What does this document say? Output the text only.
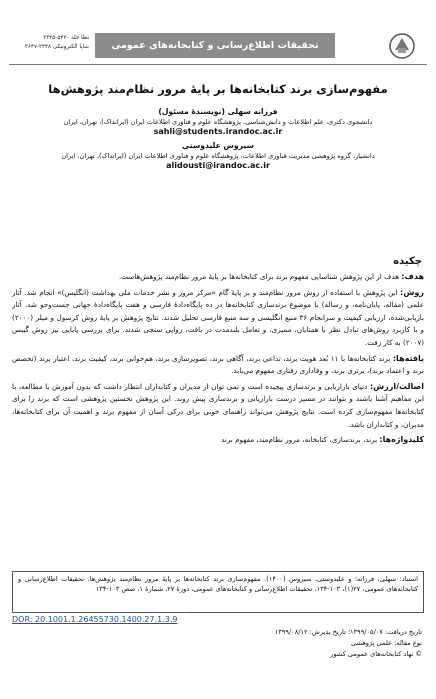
نظا جلد ۵۴۳۰-۳۳۲۵
شاپا الکترونیکی ۲۳۴۸-۳۶۴۷	تحقیقات اطلاع‌رسانی و کتابخانه‌های عمومی
مفهوم‌سازی برند کتابخانه‌ها بر پایهٔ مرور نظام‌مند پژوهش‌ها
فرزانه سهلی (نویسندهٔ مسئول)
دانشجوی دکتری، علم اطلاعات و دانش‌شناسی، پژوهشگاه علوم و فناوری اطلاعات ایران (ایرانداک)، تهران، ایران
sahli@students.irandoc.ac.ir
سیروس علیدوستی
دانشیار، گروه پژوهشی مدیریت فناوری اطلاعات، پژوهشگاه علوم و فناوری اطلاعات ایران (ایرانداک)، تهران، ایران
alidousti@irandoc.ac.ir
چکیده

هدف: هدف از این پژوهش شناسایی مفهوم برند برای کتابخانه‌ها بر پایهٔ مرور نظام‌مند پژوهش‌هاست.

روش: این پژوهش با استفاده از روش مرور نظام‌مند و بر پایهٔ گام «مرکز مرور و نشر خدمات ملی بهداشت (انگلیس)» انجام شد. آثار علمی (مقاله، پایان‌نامه، و رساله) با موضوع برندسازی کتابخانه‌ها در ده پایگاه‌دادهٔ فارسی و هفت پایگاه‌دادهٔ جهانی جست‌وجو شد. آثار بازیابی‌شده، ارزیابی کیفیت و سرانجام ۳۶ منبع انگلیسی و سه منبع فارسی تحلیل شدند. نتایج پژوهش بر پایهٔ روش کرسول و میلر (۲۰۰۰) و با کاربرد روش‌های تبادل نظر با همتایان، ممیزی، و تعامل بلندمدت در بافت، روایی سنجی شدند. برای بررسی پایایی نیز روش گیبس (۲۰۰۷) به کار رفت.

یافته‌ها: برند کتابخانه‌ها با ۱۱ بُعد هویت برند، تداعی برند، آگاهی برند، تصویرسازی برند، هم‌خوانی برند، کیفیت برند، اعتبار برند (تخصص برند و اعتماد برند)، برتری برند، و وفاداری رفتاری مفهوم می‌یابد.

اصالت/ارزش: دنیای بازاریابی و برندسازی پیچیده است و نمی توان از مدیران و کتابداران انتظار داشت که بدون آموزش یا مطالعه، با این مفاهیم آشنا باشند و بتوانند در مسیر درست بازاریابی و برندسازی پیش روند. این پژوهش نخستین پژوهشی است که برند را برای کتابخانه‌ها مفهوم‌سازی کرده است. نتایج پژوهش می‌تواند راهنمای خوبی برای درکی آسان از مفهوم برند و اهمیت آن برای کتابخانه‌ها، مدیران، و کتابداران باشد.

کلیدواژه‌ها: برند، برندسازی، کتابخانه، مرور نظام‌مند، مفهوم برند

استناد: سهلی، فرزانه؛ و علیدوستی، سیروس (۱۴۰۰). مفهوم‌سازی برند کتابخانه‌ها بر پایهٔ مرور نظام‌مند پژوهش‌ها. تحقیقات اطلاع‌رسانی و کتابخانه‌های عمومی، ۲۷(۱)، ۱۰۳-۱۳۴. تحقیقات اطلاع‌رسانی و کتابخانه‌های عمومی، دورهٔ ۲۷، شمارهٔ ۱، صص ۱۰۳-۱۳۴
DOR: 20.1001.1.26455730.1400.27.1.3.9
تاریخ دریافت: ۱۳۹۹/۰۵/۰۷؛ تاریخ پذیرش: ۱۳۹۹/۰۸/۱۲
نوع مقاله: علمی پژوهشی
© نهاد کتابخانه‌های عمومی کشور
